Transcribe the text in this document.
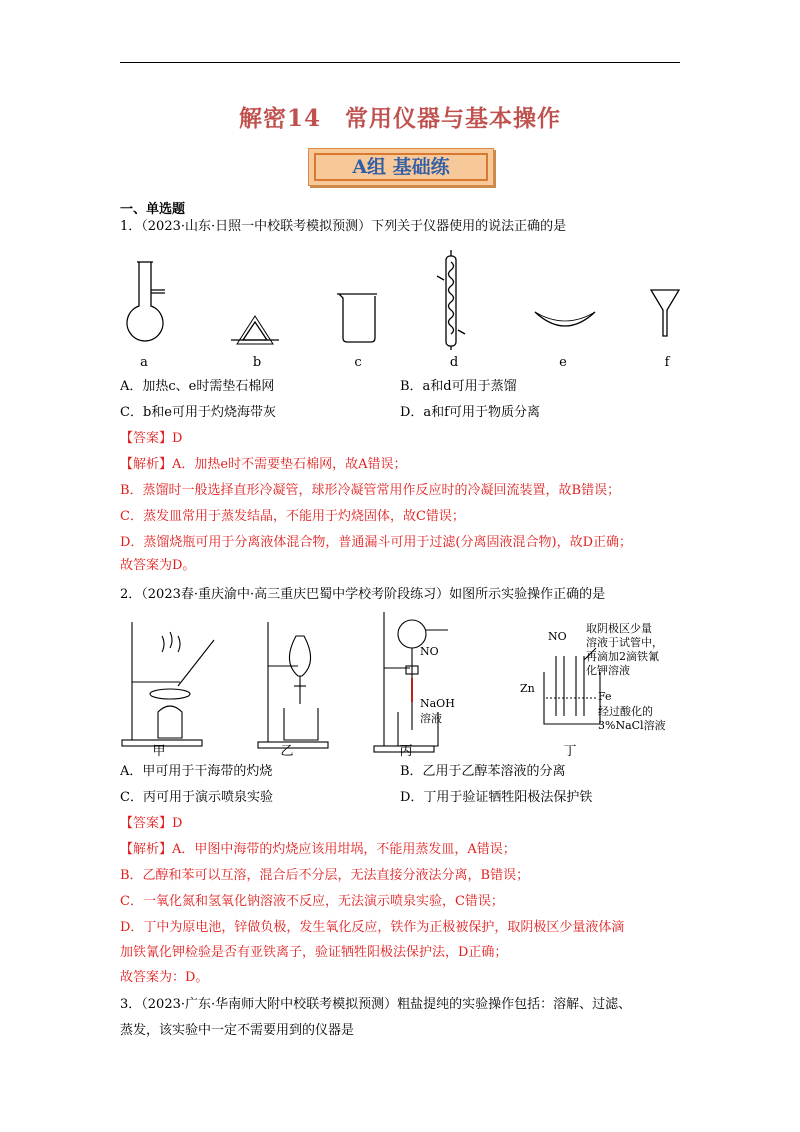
解密14　常用仪器与基本操作
A组 基础练
一、单选题
1．（2023·山东·日照一中校联考模拟预测）下列关于仪器使用的说法正确的是
a	b	c	d	e	f
A．加热c、e时需垫石棉网	B．a和d可用于蒸馏
C．b和e可用于灼烧海带灰	D．a和f可用于物质分离
【答案】D
【解析】A．加热e时不需要垫石棉网，故A错误；
B．蒸馏时一般选择直形冷凝管，球形冷凝管常用作反应时的冷凝回流装置，故B错误；
C．蒸发皿常用于蒸发结晶，不能用于灼烧固体，故C错误；
D．蒸馏烧瓶可用于分离液体混合物，普通漏斗可用于过滤(分离固液混合物)，故D正确；
故答案为D。
2．（2023春·重庆渝中·高三重庆巴蜀中学校考阶段练习）如图所示实验操作正确的是
NO
NO
NaOH
溶液
取阴极区少量
溶液于试管中，
再滴加2滴铁氰
化钾溶液
Zn
Fe
经过酸化的
3%NaCl溶液
甲	乙	丙	丁
A．甲可用于干海带的灼烧	B．乙用于乙醇苯溶液的分离
C．丙可用于演示喷泉实验	D．丁用于验证牺牲阳极法保护铁
【答案】D
【解析】A．甲图中海带的灼烧应该用坩埚，不能用蒸发皿，A错误；
B．乙醇和苯可以互溶，混合后不分层，无法直接分液法分离，B错误；
C．一氧化氮和氢氧化钠溶液不反应，无法演示喷泉实验，C错误；
D．丁中为原电池，锌做负极，发生氧化反应，铁作为正极被保护，取阴极区少量液体滴
加铁氰化钾检验是否有亚铁离子，验证牺牲阳极法保护法，D正确；
故答案为：D。
3．（2023·广东·华南师大附中校联考模拟预测）粗盐提纯的实验操作包括：溶解、过滤、
蒸发，该实验中一定不需要用到的仪器是
